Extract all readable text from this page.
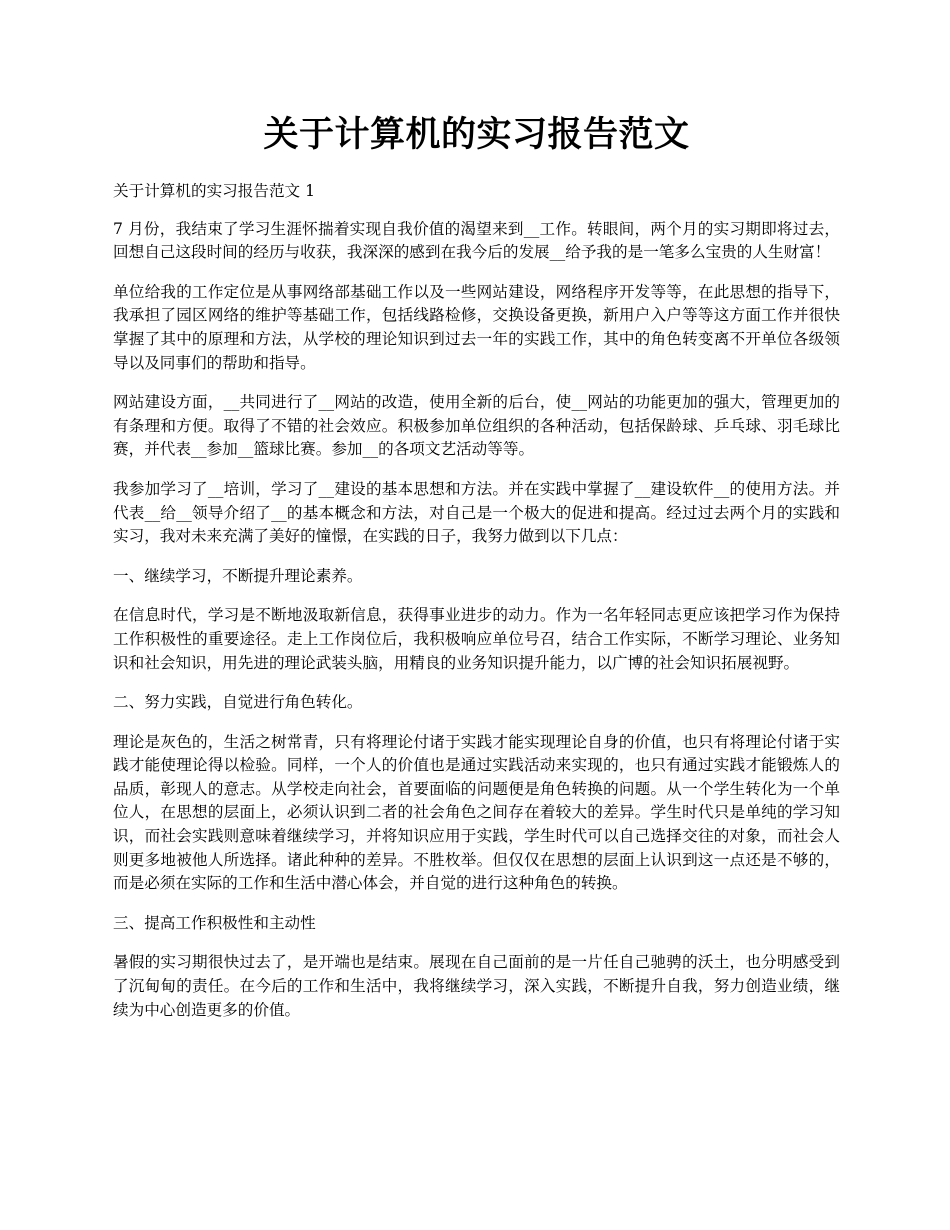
关于计算机的实习报告范文

关于计算机的实习报告范文 1

7 月份，我结束了学习生涯怀揣着实现自我价值的渴望来到__工作。转眼间，两个月的实习期即将过去，回想自己这段时间的经历与收获，我深深的感到在我今后的发展__给予我的是一笔多么宝贵的人生财富！

单位给我的工作定位是从事网络部基础工作以及一些网站建设，网络程序开发等等，在此思想的指导下，我承担了园区网络的维护等基础工作，包括线路检修，交换设备更换，新用户入户等等这方面工作并很快掌握了其中的原理和方法，从学校的理论知识到过去一年的实践工作，其中的角色转变离不开单位各级领导以及同事们的帮助和指导。

网站建设方面，__共同进行了__网站的改造，使用全新的后台，使__网站的功能更加的强大，管理更加的有条理和方便。取得了不错的社会效应。积极参加单位组织的各种活动，包括保龄球、乒乓球、羽毛球比赛，并代表__参加__篮球比赛。参加__的各项文艺活动等等。

我参加学习了__培训，学习了__建设的基本思想和方法。并在实践中掌握了__建设软件__的使用方法。并代表__给__领导介绍了__的基本概念和方法，对自己是一个极大的促进和提高。经过过去两个月的实践和实习，我对未来充满了美好的憧憬，在实践的日子，我努力做到以下几点：

一、继续学习，不断提升理论素养。

在信息时代，学习是不断地汲取新信息，获得事业进步的动力。作为一名年轻同志更应该把学习作为保持工作积极性的重要途径。走上工作岗位后，我积极响应单位号召，结合工作实际，不断学习理论、业务知识和社会知识，用先进的理论武装头脑，用精良的业务知识提升能力，以广博的社会知识拓展视野。

二、努力实践，自觉进行角色转化。

理论是灰色的，生活之树常青，只有将理论付诸于实践才能实现理论自身的价值，也只有将理论付诸于实践才能使理论得以检验。同样，一个人的价值也是通过实践活动来实现的，也只有通过实践才能锻炼人的品质，彰现人的意志。从学校走向社会，首要面临的问题便是角色转换的问题。从一个学生转化为一个单位人，在思想的层面上，必须认识到二者的社会角色之间存在着较大的差异。学生时代只是单纯的学习知识，而社会实践则意味着继续学习，并将知识应用于实践，学生时代可以自己选择交往的对象，而社会人则更多地被他人所选择。诸此种种的差异。不胜枚举。但仅仅在思想的层面上认识到这一点还是不够的，而是必须在实际的工作和生活中潜心体会，并自觉的进行这种角色的转换。

三、提高工作积极性和主动性

暑假的实习期很快过去了，是开端也是结束。展现在自己面前的是一片任自己驰骋的沃土，也分明感受到了沉甸甸的责任。在今后的工作和生活中，我将继续学习，深入实践，不断提升自我，努力创造业绩，继续为中心创造更多的价值。
